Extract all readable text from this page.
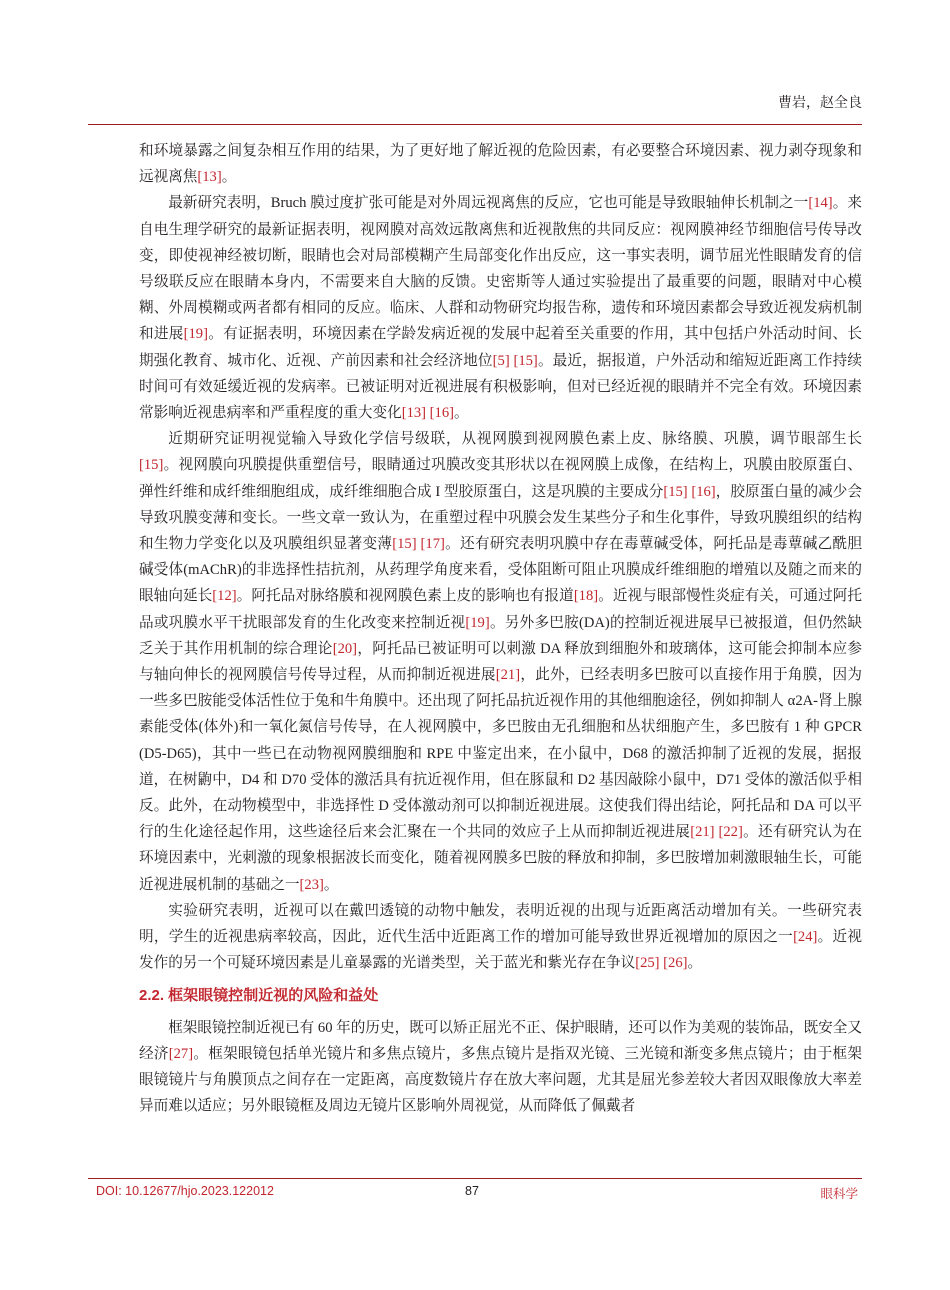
曹岩，赵全良

和环境暴露之间复杂相互作用的结果，为了更好地了解近视的危险因素，有必要整合环境因素、视力剥夺现象和远视离焦[13]。

最新研究表明，Bruch 膜过度扩张可能是对外周远视离焦的反应，它也可能是导致眼轴伸长机制之一[14]。来自电生理学研究的最新证据表明，视网膜对高效远散离焦和近视散焦的共同反应：视网膜神经节细胞信号传导改变，即使视神经被切断，眼睛也会对局部模糊产生局部变化作出反应，这一事实表明，调节屈光性眼睛发育的信号级联反应在眼睛本身内，不需要来自大脑的反馈。史密斯等人通过实验提出了最重要的问题，眼睛对中心模糊、外周模糊或两者都有相同的反应。临床、人群和动物研究均报告称，遗传和环境因素都会导致近视发病机制和进展[19]。有证据表明，环境因素在学龄发病近视的发展中起着至关重要的作用，其中包括户外活动时间、长期强化教育、城市化、近视、产前因素和社会经济地位[5] [15]。最近，据报道，户外活动和缩短近距离工作持续时间可有效延缓近视的发病率。已被证明对近视进展有积极影响，但对已经近视的眼睛并不完全有效。环境因素常影响近视患病率和严重程度的重大变化[13] [16]。

近期研究证明视觉输入导致化学信号级联，从视网膜到视网膜色素上皮、脉络膜、巩膜，调节眼部生长[15]。视网膜向巩膜提供重塑信号，眼睛通过巩膜改变其形状以在视网膜上成像，在结构上，巩膜由胶原蛋白、弹性纤维和成纤维细胞组成，成纤维细胞合成 I 型胶原蛋白，这是巩膜的主要成分[15] [16]，胶原蛋白量的减少会导致巩膜变薄和变长。一些文章一致认为，在重塑过程中巩膜会发生某些分子和生化事件，导致巩膜组织的结构和生物力学变化以及巩膜组织显著变薄[15] [17]。还有研究表明巩膜中存在毒蕈碱受体，阿托品是毒蕈碱乙酰胆碱受体(mAChR)的非选择性拮抗剂，从药理学角度来看，受体阻断可阻止巩膜成纤维细胞的增殖以及随之而来的眼轴向延长[12]。阿托品对脉络膜和视网膜色素上皮的影响也有报道[18]。近视与眼部慢性炎症有关，可通过阿托品或巩膜水平干扰眼部发育的生化改变来控制近视[19]。另外多巴胺(DA)的控制近视进展早已被报道，但仍然缺乏关于其作用机制的综合理论[20]，阿托品已被证明可以刺激 DA 释放到细胞外和玻璃体，这可能会抑制本应参与轴向伸长的视网膜信号传导过程，从而抑制近视进展[21]，此外，已经表明多巴胺可以直接作用于角膜，因为一些多巴胺能受体活性位于兔和牛角膜中。还出现了阿托品抗近视作用的其他细胞途径，例如抑制人 α2A-肾上腺素能受体(体外)和一氧化氮信号传导，在人视网膜中，多巴胺由无孔细胞和丛状细胞产生，多巴胺有 1 种 GPCR (D5-D65)，其中一些已在动物视网膜细胞和 RPE 中鉴定出来，在小鼠中，D68 的激活抑制了近视的发展，据报道，在树鼩中，D4 和 D70 受体的激活具有抗近视作用，但在豚鼠和 D2 基因敲除小鼠中，D71 受体的激活似乎相反。此外，在动物模型中，非选择性 D 受体激动剂可以抑制近视进展。这使我们得出结论，阿托品和 DA 可以平行的生化途径起作用，这些途径后来会汇聚在一个共同的效应子上从而抑制近视进展[21] [22]。还有研究认为在环境因素中，光刺激的现象根据波长而变化，随着视网膜多巴胺的释放和抑制，多巴胺增加刺激眼轴生长，可能近视进展机制的基础之一[23]。

实验研究表明，近视可以在戴凹透镜的动物中触发，表明近视的出现与近距离活动增加有关。一些研究表明，学生的近视患病率较高，因此，近代生活中近距离工作的增加可能导致世界近视增加的原因之一[24]。近视发作的另一个可疑环境因素是儿童暴露的光谱类型，关于蓝光和紫光存在争议[25] [26]。

2.2. 框架眼镜控制近视的风险和益处

框架眼镜控制近视已有 60 年的历史，既可以矫正屈光不正、保护眼睛，还可以作为美观的装饰品，既安全又经济[27]。框架眼镜包括单光镜片和多焦点镜片，多焦点镜片是指双光镜、三光镜和渐变多焦点镜片；由于框架眼镜镜片与角膜顶点之间存在一定距离，高度数镜片存在放大率问题，尤其是屈光参差较大者因双眼像放大率差异而难以适应；另外眼镜框及周边无镜片区影响外周视觉，从而降低了佩戴者

DOI: 10.12677/hjo.2023.122012	87	眼科学
